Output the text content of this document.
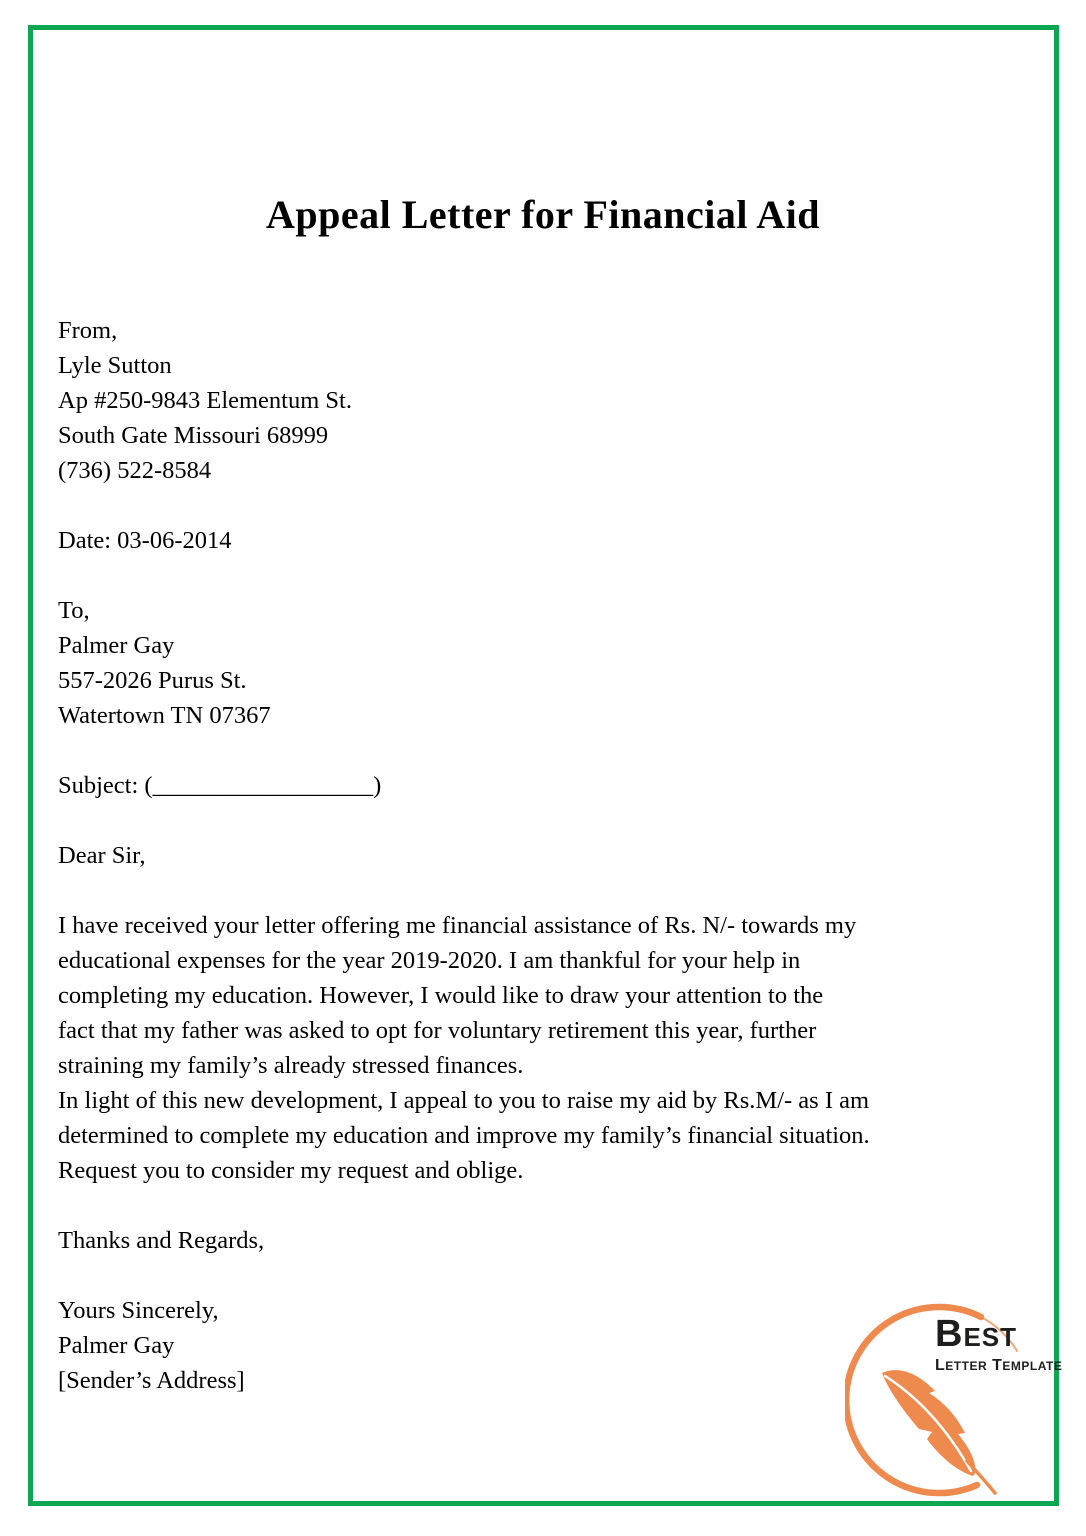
Appeal Letter for Financial Aid
From,
Lyle Sutton
Ap #250-9843 Elementum St.
South Gate Missouri 68999
(736) 522-8584
Date: 03-06-2014
To,
Palmer Gay
557-2026 Purus St.
Watertown TN 07367
Subject: (__________________)
Dear Sir,
I have received your letter offering me financial assistance of Rs. N/- towards my
educational expenses for the year 2019-2020. I am thankful for your help in
completing my education. However, I would like to draw your attention to the
fact that my father was asked to opt for voluntary retirement this year, further
straining my family’s already stressed finances.
In light of this new development, I appeal to you to raise my aid by Rs.M/- as I am
determined to complete my education and improve my family’s financial situation.
Request you to consider my request and oblige.
Thanks and Regards,
Yours Sincerely,
Palmer Gay
[Sender’s Address]
BEST
LETTER TEMPLATE
